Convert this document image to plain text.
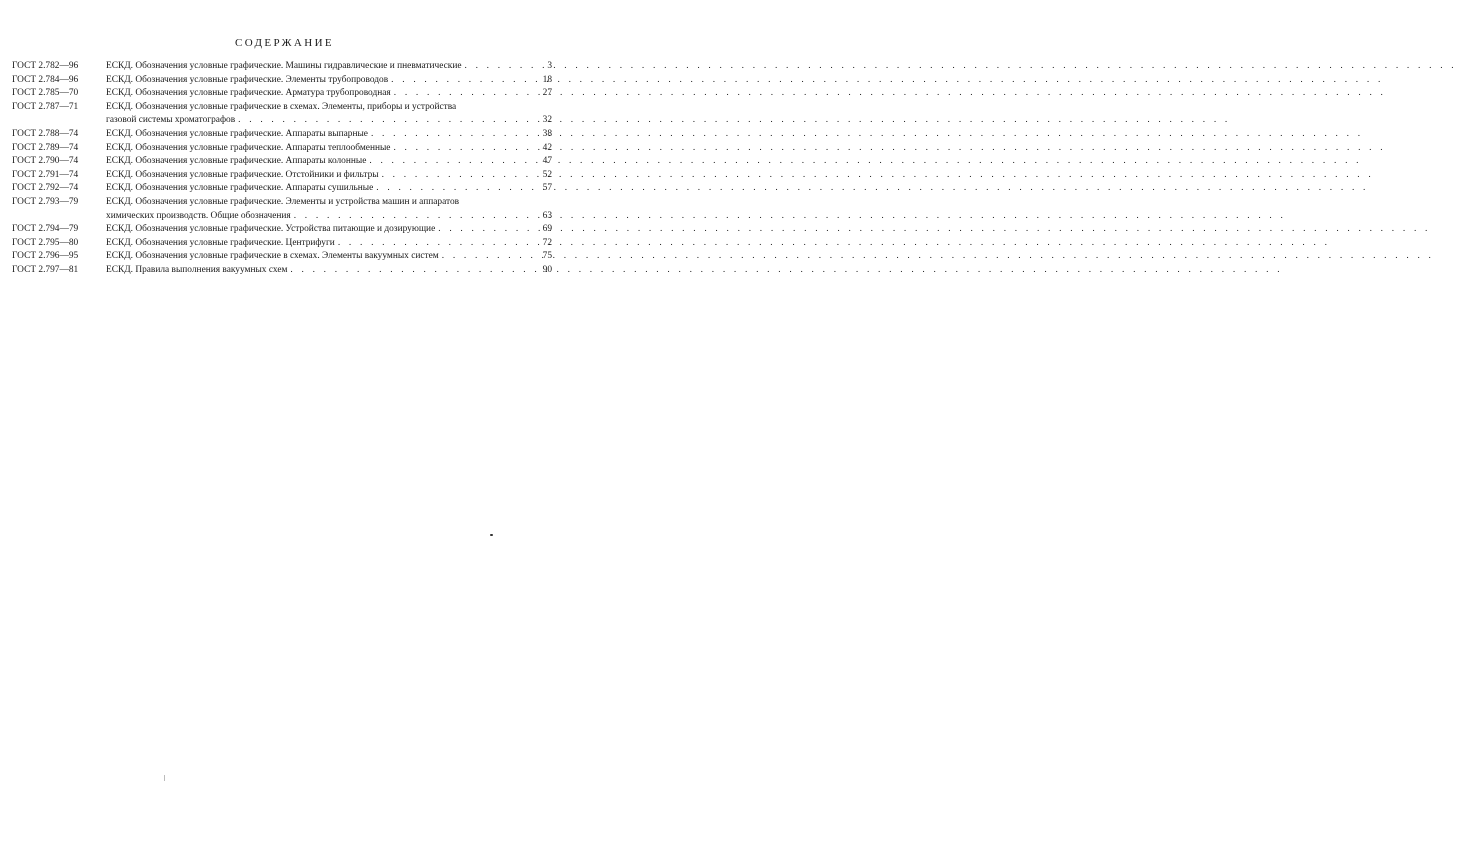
СОДЕРЖАНИЕ
ГОСТ 2.782—96	ЕСКД. Обозначения условные графические. Машины гидравлические и пневматические . . .	3
ГОСТ 2.784—96	ЕСКД. Обозначения условные графические. Элементы трубопроводов . . .	18
ГОСТ 2.785—70	ЕСКД. Обозначения условные графические. Арматура трубопроводная . . .	27
ГОСТ 2.787—71	ЕСКД. Обозначения условные графические в схемах. Элементы, приборы и устройства
газовой системы хроматографов . . .	32
ГОСТ 2.788—74	ЕСКД. Обозначения условные графические. Аппараты выпарные . . .	38
ГОСТ 2.789—74	ЕСКД. Обозначения условные графические. Аппараты теплообменные . . .	42
ГОСТ 2.790—74	ЕСКД. Обозначения условные графические. Аппараты колонные . . .	47
ГОСТ 2.791—74	ЕСКД. Обозначения условные графические. Отстойники и фильтры . . .	52
ГОСТ 2.792—74	ЕСКД. Обозначения условные графические. Аппараты сушильные . . .	57
ГОСТ 2.793—79	ЕСКД. Обозначения условные графические. Элементы и устройства машин и аппаратов
химических производств. Общие обозначения . . .	63
ГОСТ 2.794—79	ЕСКД. Обозначения условные графические. Устройства питающие и дозирующие . . .	69
ГОСТ 2.795—80	ЕСКД. Обозначения условные графические. Центрифуги . . .	72
ГОСТ 2.796—95	ЕСКД. Обозначения условные графические в схемах. Элементы вакуумных систем . . .	75
ГОСТ 2.797—81	ЕСКД. Правила выполнения вакуумных схем . . .	90
